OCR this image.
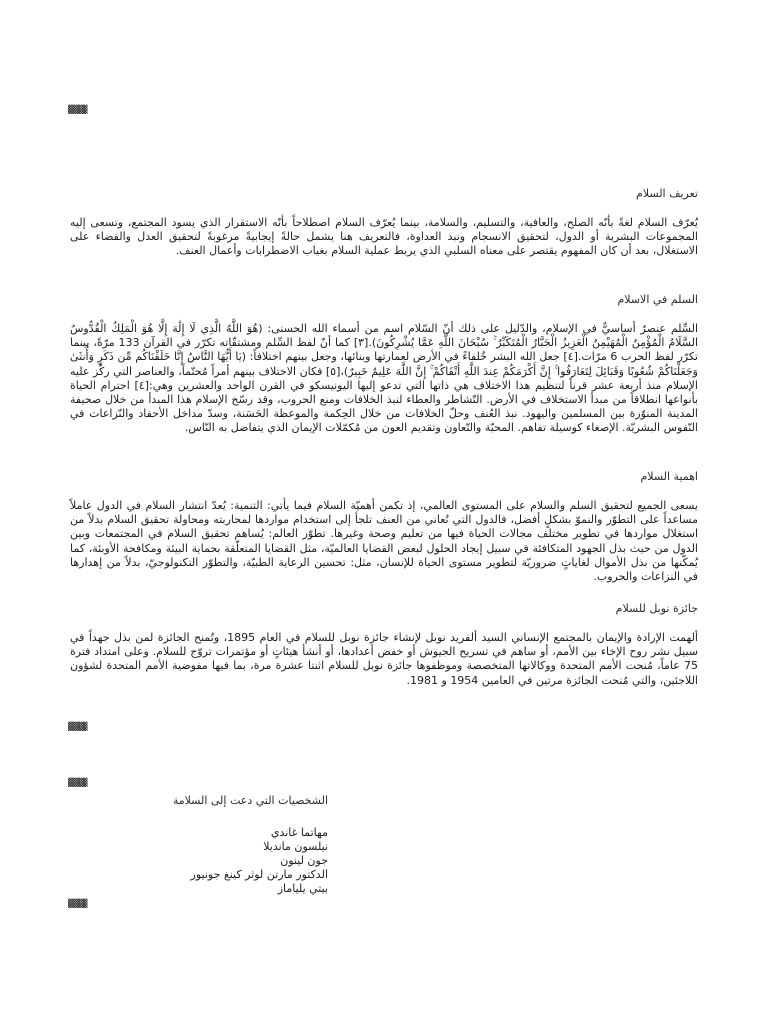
▓▓▓▓
تعريف السلام
يُعرّف السلام لغةً بأنّه الصلح، والعافية، والتسليم، والسلامة، بينما يُعرّف السلام اصطلاحاً بأنّه الاستقرار الذي يسود المجتمع، وتسعى إليه المجموعات البشرية أو الدول، لتحقيق الانسجام ونبذ العداوة، فالتعريف هنا يشمل حالةً إيجابيةً مرغوبةً لتحقيق العدل والقضاء على الاستغلال، بعد أن كان المفهوم يقتصر على معناه السلبي الذي يربط عملية السلام بغياب الاضطرابات وأعمال العنف.
السلم في الاسلام
السِّلم عنصرٌ أساسيٌّ في الإسلام، والدّليل على ذلك أنّ السّلام اسم من أسماء الله الحسنى: (هُوَ اللَّهُ الَّذِي لَا إِلَٰهَ إِلَّا هُوَ الْمَلِكُ الْقُدُّوسُ السَّلَامُ الْمُؤْمِنُ الْمُهَيْمِنُ الْعَزِيزُ الْجَبَّارُ الْمُتَكَبِّرُ ۚ سُبْحَانَ اللَّهِ عَمَّا يُشْرِكُونَ).[٣] كما أنّ لفظ السِّلم ومشتقّاته تكرّر في القرآن 133 مرّةً، بينما تكرّر لفظ الحرب 6 مرّات.[٤] جعل الله البشر خُلفاءً في الأرض لعمارتها وبنائها، وجعل بينهم اختلافاً: (يَا أَيُّهَا النَّاسُ إِنَّا خَلَقْنَاكُم مِّن ذَكَرٍ وَأُنثَىٰ وَجَعَلْنَاكُمْ شُعُوبًا وَقَبَائِلَ لِتَعَارَفُوا ۚ إِنَّ أَكْرَمَكُمْ عِندَ اللَّهِ أَتْقَاكُمْ ۚ إِنَّ اللَّهَ عَلِيمٌ خَبِيرٌ)،[٥] فكان الاختلاف بينهم أمراً مُحتّماً، والعناصر التي ركّز عليه الإسلام منذ أربعة عشر قرناً لتنظيم هذا الاختلاف هي ذاتها التي تدعو إليها اليونيسكو في القرن الواحد والعشرين وهي:[٤] احترام الحياة بأنواعها انطلاقاً من مبدأ الاستخلاف في الأرض. التّشاطر والعطاء لنبذ الخلافات ومنع الحروب، وقد رسّخ الإسلام هذا المبدأ من خلال صحيفة المدينة المنوّرة بين المسلمين واليهود. نبذ العُنف وحلّ الخلافات من خلال الحِكمة والموعظة الحَسَنة، وسدّ مداخل الأحقاد والنّزاعات في النّفوس البشريّة. الإصغاء كوسيلة تفاهم. المحبّة والتّعاون وتقديم العون من مُكمّلات الإيمان الذي يتفاضل به النّاس.
اهمية السلام
يسعى الجميع لتحقيق السلم والسلام على المستوى العالمي، إذ تكمن أهميّة السلام فيما يأتي: التنمية: يُعدّ انتشار السلام في الدول عاملاً مساعداً على التطوّر والنموّ بشكلٍ أفضل، فالدول التي تُعاني من العنف تلجأ إلى استخدام مواردها لمحاربته ومحاولة تحقيق السلام بدلاً من استغلال مواردها في تطوير مختلف مجالات الحياة فيها من تعليم وصحة وغيرها. تطوّر العالم: يُساهم تحقيق السلام في المجتمعات وبين الدول من حيث بذل الجهود المتكافئة في سبيل إيجاد الحلول لبعض القضايا العالميّة، مثل القضايا المتعلّقة بحماية البيئة ومكافحة الأوبئة، كما يُمكّنها من بذل الأموال لغاياتٍ ضروريّة لتطوير مستوى الحياة للإنسان، مثل: تحسين الرعاية الطبيّة، والتطوّر التكنولوجيّ، بدلاً من إهدارها في النزاعات والحروب.
جائزة نوبل للسلام
ألهمت الإرادة والإيمان بالمجتمع الإنساني السيد ألفريد نوبل لإنشاء جائزة نوبل للسلام في العام 1895، وتُمنح الجائزة لمن بذل جهداً في سبيل نشر روح الإخاء بين الأمم، أو ساهم في تسريح الجيوش أو خفض أعدادها، أو أنشأ هيئاتٍ أو مؤتمرات تروّج للسلام. وعلى امتداد فترة 75 عاماً، مُنحت الأمم المتحدة ووكالاتها المتخصصة وموظفوها جائزة نوبل للسلام اثنتا عشرة مرة، بما فيها مفوضية الأمم المتحدة لشؤون اللاجئين، والتي مُنحت الجائزة مرتين في العامين 1954 و 1981.
▓▓▓▓
▓▓▓▓
الشخصيات التي دعت إلى السلامة
مهاتما غاندي
نيلسون مانديلا
جون لينون
الدكتور مارتن لوثر كينغ جونيور
بيتي يلياماز
▓▓▓▓
